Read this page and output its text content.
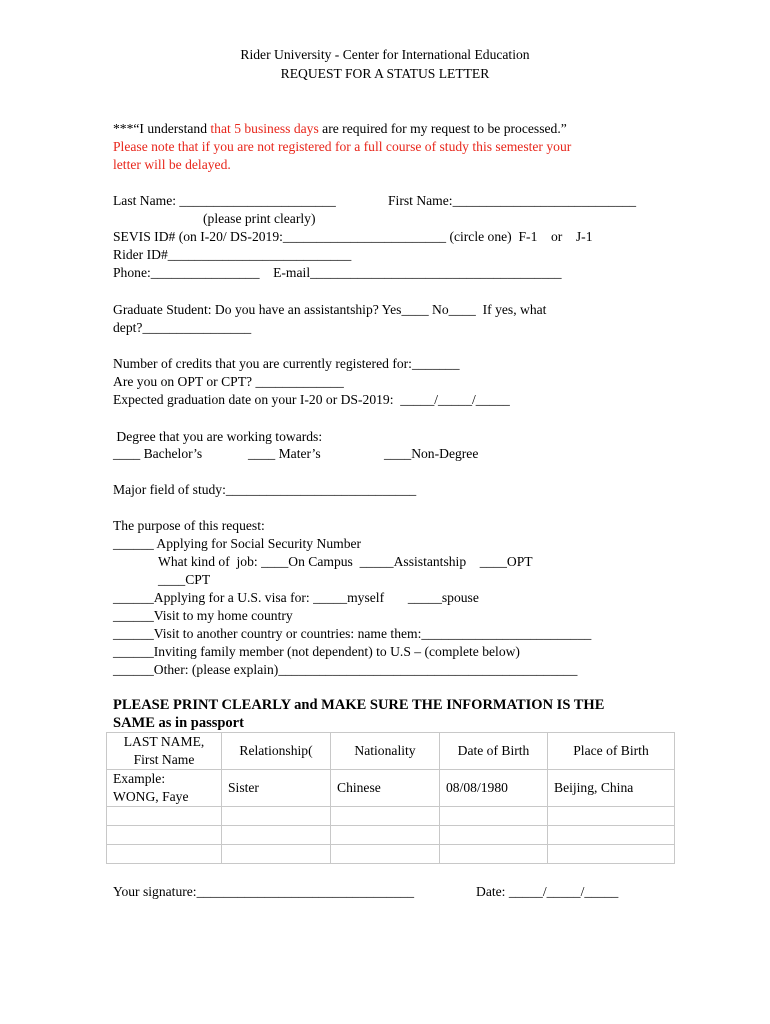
Rider University - Center for International Education
REQUEST FOR A STATUS LETTER
***“I understand that 5 business days are required for my request to be processed.”
Please note that if you are not registered for a full course of study this semester your
letter will be delayed.
Last Name: _______________________	First Name:___________________________
(please print clearly)
SEVIS ID# (on I-20/ DS-2019:________________________ (circle one)  F-1    or    J-1
Rider ID#___________________________
Phone:________________    E-mail_____________________________________
Graduate Student: Do you have an assistantship? Yes____ No____  If yes, what
dept?________________
Number of credits that you are currently registered for:_______
Are you on OPT or CPT? _____________
Expected graduation date on your I-20 or DS-2019:  _____/_____/_____
Degree that you are working towards:
____ Bachelor’s	____ Mater’s	____Non-Degree
Major field of study:____________________________
The purpose of this request:
______ Applying for Social Security Number
What kind of  job: ____On Campus  _____Assistantship    ____OPT
____CPT
______Applying for a U.S. visa for: _____myself       _____spouse
______Visit to my home country
______Visit to another country or countries: name them:_________________________
______Inviting family member (not dependent) to U.S – (complete below)
______Other: (please explain)____________________________________________
PLEASE PRINT CLEARLY and MAKE SURE THE INFORMATION IS THE
SAME as in passport
LAST NAME,
First Name	Relationship(	Nationality	Date of Birth	Place of Birth

Example:
WONG, Faye	Sister	Chinese	08/08/1980	Beijing, China

Your signature:________________________________	Date: _____/_____/_____
